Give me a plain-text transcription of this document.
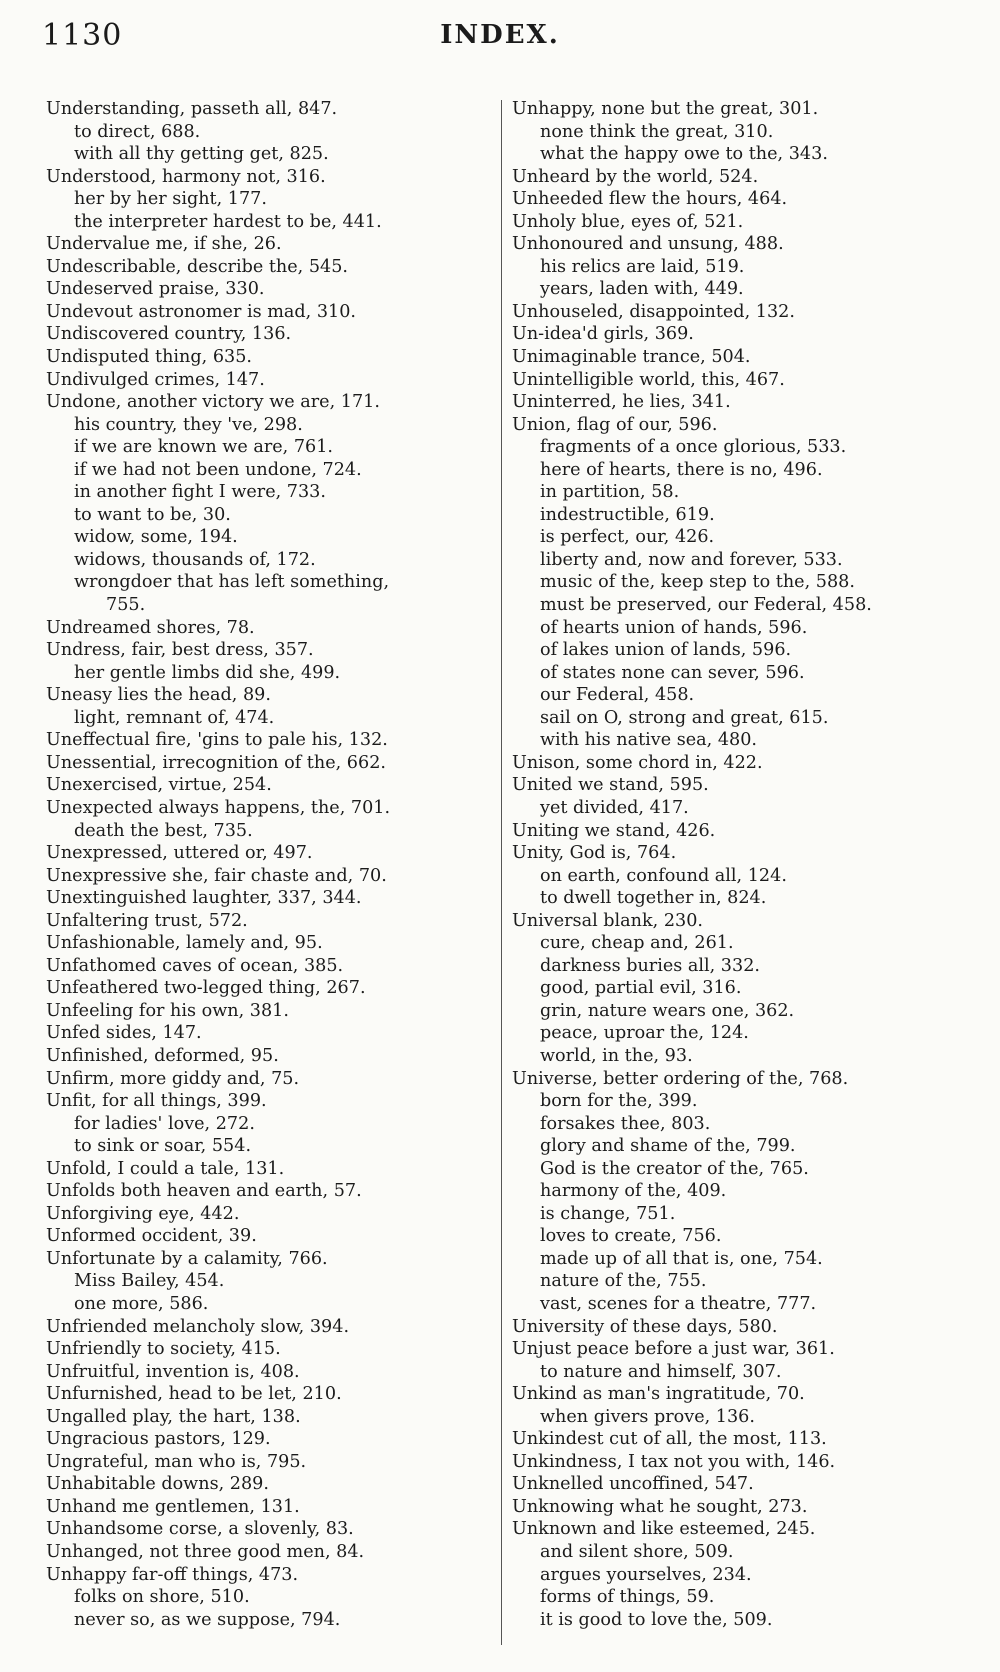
1130	INDEX.
Understanding, passeth all, 847.
to direct, 688.
with all thy getting get, 825.
Understood, harmony not, 316.
her by her sight, 177.
the interpreter hardest to be, 441.
Undervalue me, if she, 26.
Undescribable, describe the, 545.
Undeserved praise, 330.
Undevout astronomer is mad, 310.
Undiscovered country, 136.
Undisputed thing, 635.
Undivulged crimes, 147.
Undone, another victory we are, 171.
his country, they 've, 298.
if we are known we are, 761.
if we had not been undone, 724.
in another fight I were, 733.
to want to be, 30.
widow, some, 194.
widows, thousands of, 172.
wrongdoer that has left something,
755.
Undreamed shores, 78.
Undress, fair, best dress, 357.
her gentle limbs did she, 499.
Uneasy lies the head, 89.
light, remnant of, 474.
Uneffectual fire, 'gins to pale his, 132.
Unessential, irrecognition of the, 662.
Unexercised, virtue, 254.
Unexpected always happens, the, 701.
death the best, 735.
Unexpressed, uttered or, 497.
Unexpressive she, fair chaste and, 70.
Unextinguished laughter, 337, 344.
Unfaltering trust, 572.
Unfashionable, lamely and, 95.
Unfathomed caves of ocean, 385.
Unfeathered two-legged thing, 267.
Unfeeling for his own, 381.
Unfed sides, 147.
Unfinished, deformed, 95.
Unfirm, more giddy and, 75.
Unfit, for all things, 399.
for ladies' love, 272.
to sink or soar, 554.
Unfold, I could a tale, 131.
Unfolds both heaven and earth, 57.
Unforgiving eye, 442.
Unformed occident, 39.
Unfortunate by a calamity, 766.
Miss Bailey, 454.
one more, 586.
Unfriended melancholy slow, 394.
Unfriendly to society, 415.
Unfruitful, invention is, 408.
Unfurnished, head to be let, 210.
Ungalled play, the hart, 138.
Ungracious pastors, 129.
Ungrateful, man who is, 795.
Unhabitable downs, 289.
Unhand me gentlemen, 131.
Unhandsome corse, a slovenly, 83.
Unhanged, not three good men, 84.
Unhappy far-off things, 473.
folks on shore, 510.
never so, as we suppose, 794.
Unhappy, none but the great, 301.
none think the great, 310.
what the happy owe to the, 343.
Unheard by the world, 524.
Unheeded flew the hours, 464.
Unholy blue, eyes of, 521.
Unhonoured and unsung, 488.
his relics are laid, 519.
years, laden with, 449.
Unhouseled, disappointed, 132.
Un-idea'd girls, 369.
Unimaginable trance, 504.
Unintelligible world, this, 467.
Uninterred, he lies, 341.
Union, flag of our, 596.
fragments of a once glorious, 533.
here of hearts, there is no, 496.
in partition, 58.
indestructible, 619.
is perfect, our, 426.
liberty and, now and forever, 533.
music of the, keep step to the, 588.
must be preserved, our Federal, 458.
of hearts union of hands, 596.
of lakes union of lands, 596.
of states none can sever, 596.
our Federal, 458.
sail on O, strong and great, 615.
with his native sea, 480.
Unison, some chord in, 422.
United we stand, 595.
yet divided, 417.
Uniting we stand, 426.
Unity, God is, 764.
on earth, confound all, 124.
to dwell together in, 824.
Universal blank, 230.
cure, cheap and, 261.
darkness buries all, 332.
good, partial evil, 316.
grin, nature wears one, 362.
peace, uproar the, 124.
world, in the, 93.
Universe, better ordering of the, 768.
born for the, 399.
forsakes thee, 803.
glory and shame of the, 799.
God is the creator of the, 765.
harmony of the, 409.
is change, 751.
loves to create, 756.
made up of all that is, one, 754.
nature of the, 755.
vast, scenes for a theatre, 777.
University of these days, 580.
Unjust peace before a just war, 361.
to nature and himself, 307.
Unkind as man's ingratitude, 70.
when givers prove, 136.
Unkindest cut of all, the most, 113.
Unkindness, I tax not you with, 146.
Unknelled uncoffined, 547.
Unknowing what he sought, 273.
Unknown and like esteemed, 245.
and silent shore, 509.
argues yourselves, 234.
forms of things, 59.
it is good to love the, 509.
